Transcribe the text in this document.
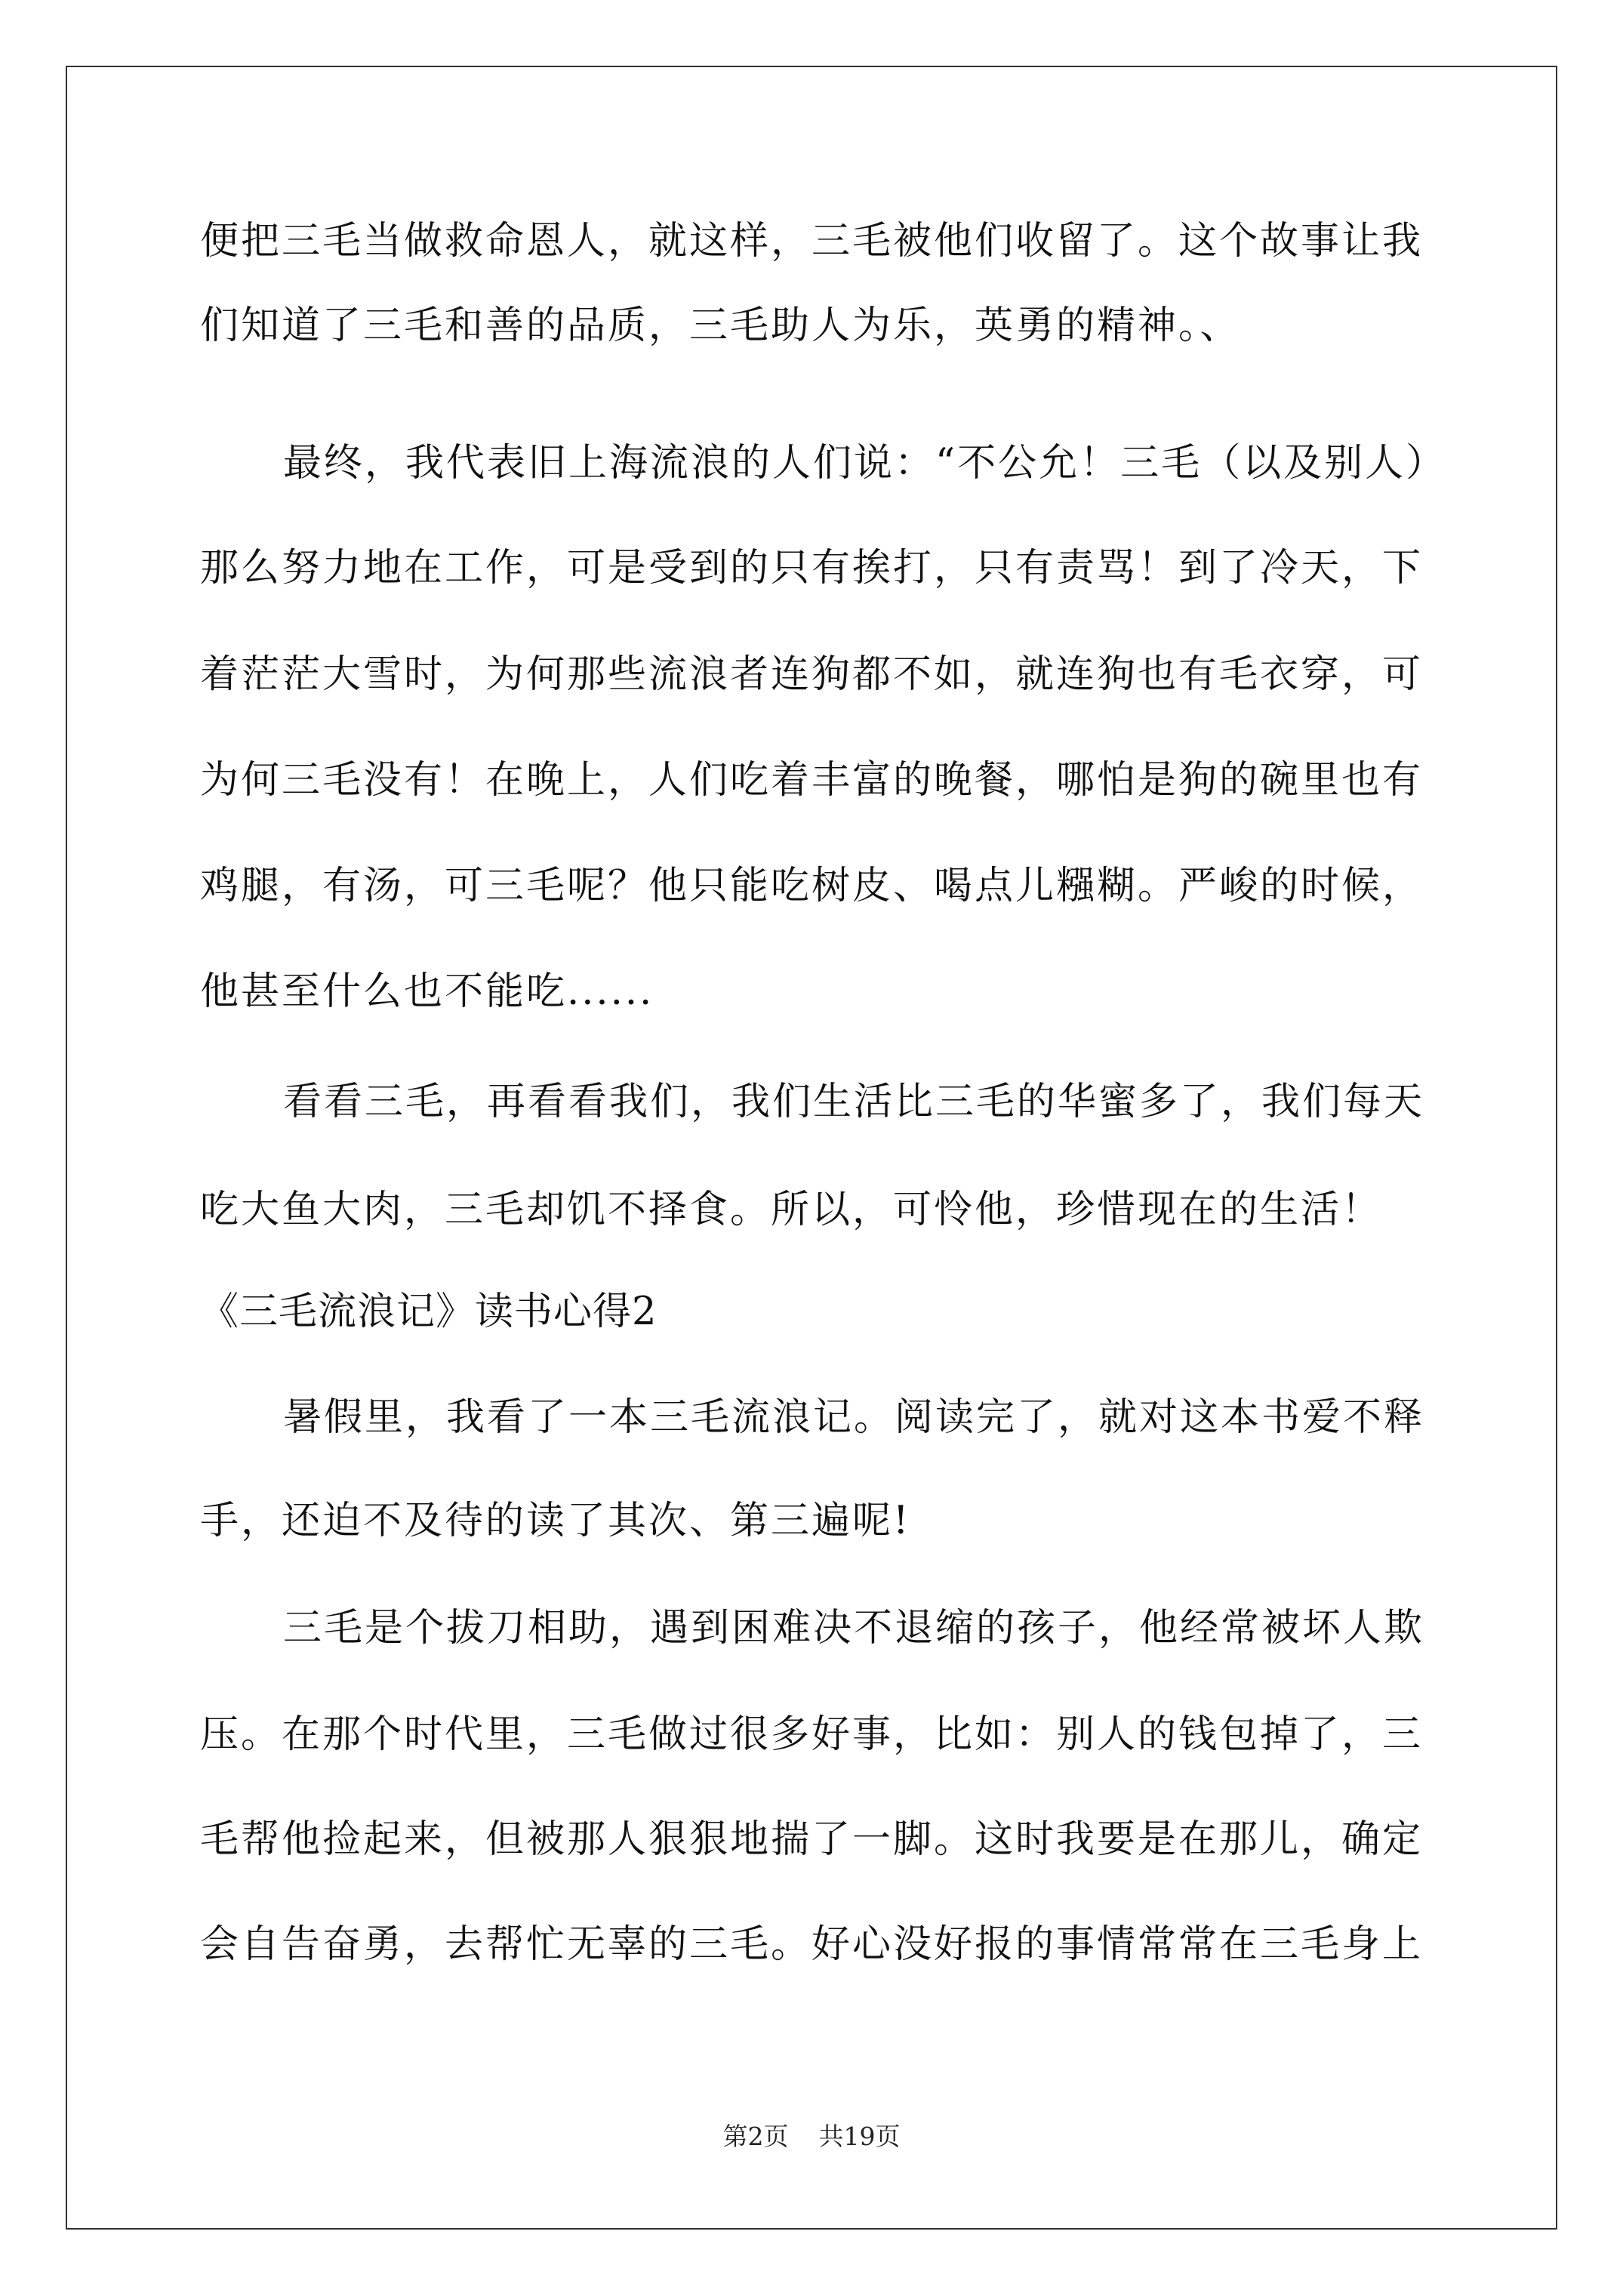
便把三毛当做救命恩人，就这样，三毛被他们收留了。这个故事让我
们知道了三毛和善的品质，三毛助人为乐，英勇的精神。、
最终，我代表旧上海流浪的人们说：“不公允！三毛（以及别人）
那么努力地在工作，可是受到的只有挨打，只有责骂！到了冷天，下
着茫茫大雪时，为何那些流浪者连狗都不如，就连狗也有毛衣穿，可
为何三毛没有！在晚上，人们吃着丰富的晚餐，哪怕是狗的碗里也有
鸡腿，有汤，可三毛呢？他只能吃树皮、喝点儿糨糊。严峻的时候，
他甚至什么也不能吃......
看看三毛，再看看我们，我们生活比三毛的华蜜多了，我们每天
吃大鱼大肉，三毛却饥不择食。所以，可怜他，珍惜现在的生活！
《三毛流浪记》读书心得2
暑假里，我看了一本三毛流浪记。阅读完了，就对这本书爱不释
手，还迫不及待的读了其次、第三遍呢!
三毛是个拔刀相助，遇到困难决不退缩的孩子，他经常被坏人欺
压。在那个时代里，三毛做过很多好事，比如：别人的钱包掉了，三
毛帮他捡起来，但被那人狠狠地揣了一脚。这时我要是在那儿，确定
会自告奋勇，去帮忙无辜的三毛。好心没好报的事情常常在三毛身上
第2页 共19页
